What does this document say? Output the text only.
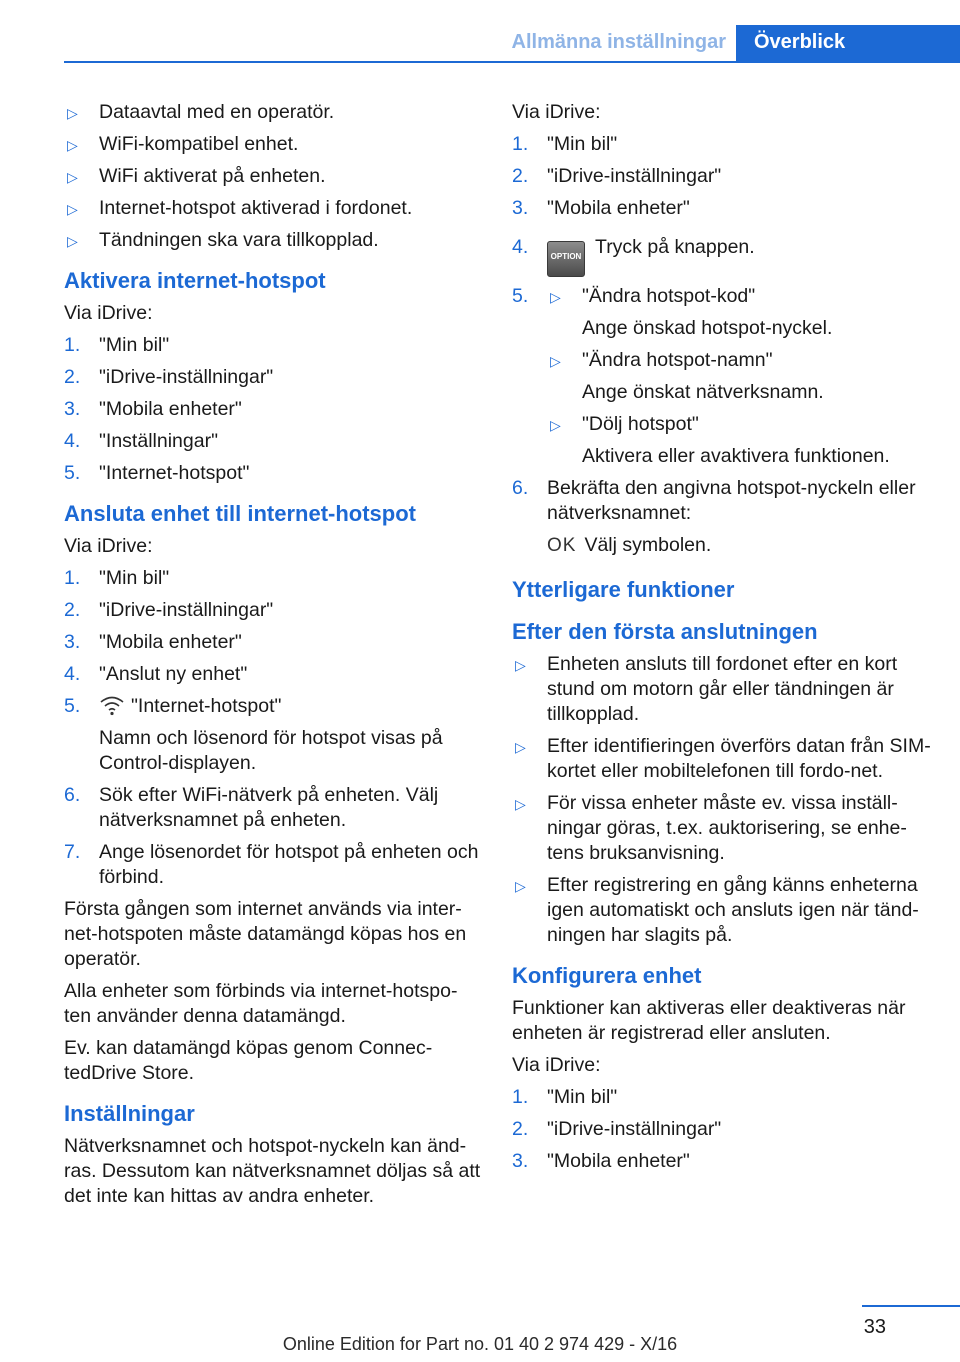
Allmänna inställningar	Överblick
▷ Dataavtal med en operatör.
▷ WiFi-kompatibel enhet.
▷ WiFi aktiverat på enheten.
▷ Internet-hotspot aktiverad i fordonet.
▷ Tändningen ska vara tillkopplad.
Aktivera internet-hotspot
Via iDrive:
1. "Min bil"
2. "iDrive-inställningar"
3. "Mobila enheter"
4. "Inställningar"
5. "Internet-hotspot"
Ansluta enhet till internet-hotspot
Via iDrive:
1. "Min bil"
2. "iDrive-inställningar"
3. "Mobila enheter"
4. "Anslut ny enhet"
5.	"Internet-hotspot"
Namn och lösenord för hotspot visas på Control-displayen.
6. Sök efter WiFi-nätverk på enheten. Välj nätverksnamnet på enheten.
7. Ange lösenordet för hotspot på enheten och förbind.
Första gången som internet används via inter-net-hotspoten måste datamängd köpas hos en operatör.
Alla enheter som förbinds via internet-hotspo-ten använder denna datamängd.
Ev. kan datamängd köpas genom Connec-tedDrive Store.
Inställningar
Nätverksnamnet och hotspot-nyckeln kan änd-ras. Dessutom kan nätverksnamnet döljas så att det inte kan hittas av andra enheter.
Via iDrive:
1. "Min bil"
2. "iDrive-inställningar"
3. "Mobila enheter"
4.	OPTION Tryck på knappen.
5. ▷ "Ändra hotspot-kod"
Ange önskad hotspot-nyckel.
▷ "Ändra hotspot-namn"
Ange önskat nätverksnamn.
▷ "Dölj hotspot"
Aktivera eller avaktivera funktionen.
6. Bekräfta den angivna hotspot-nyckeln eller nätverksnamnet:
OK Välj symbolen.
Ytterligare funktioner
Efter den första anslutningen
▷ Enheten ansluts till fordonet efter en kort stund om motorn går eller tändningen är tillkopplad.
▷ Efter identifieringen överförs datan från SIM-kortet eller mobiltelefonen till fordo-net.
▷ För vissa enheter måste ev. vissa inställ-ningar göras, t.ex. auktorisering, se enhe-tens bruksanvisning.
▷ Efter registrering en gång känns enheterna igen automatiskt och ansluts igen när tänd-ningen har slagits på.
Konfigurera enhet
Funktioner kan aktiveras eller deaktiveras när enheten är registrerad eller ansluten.
Via iDrive:
1. "Min bil"
2. "iDrive-inställningar"
3. "Mobila enheter"
33
Online Edition for Part no. 01 40 2 974 429 - X/16
